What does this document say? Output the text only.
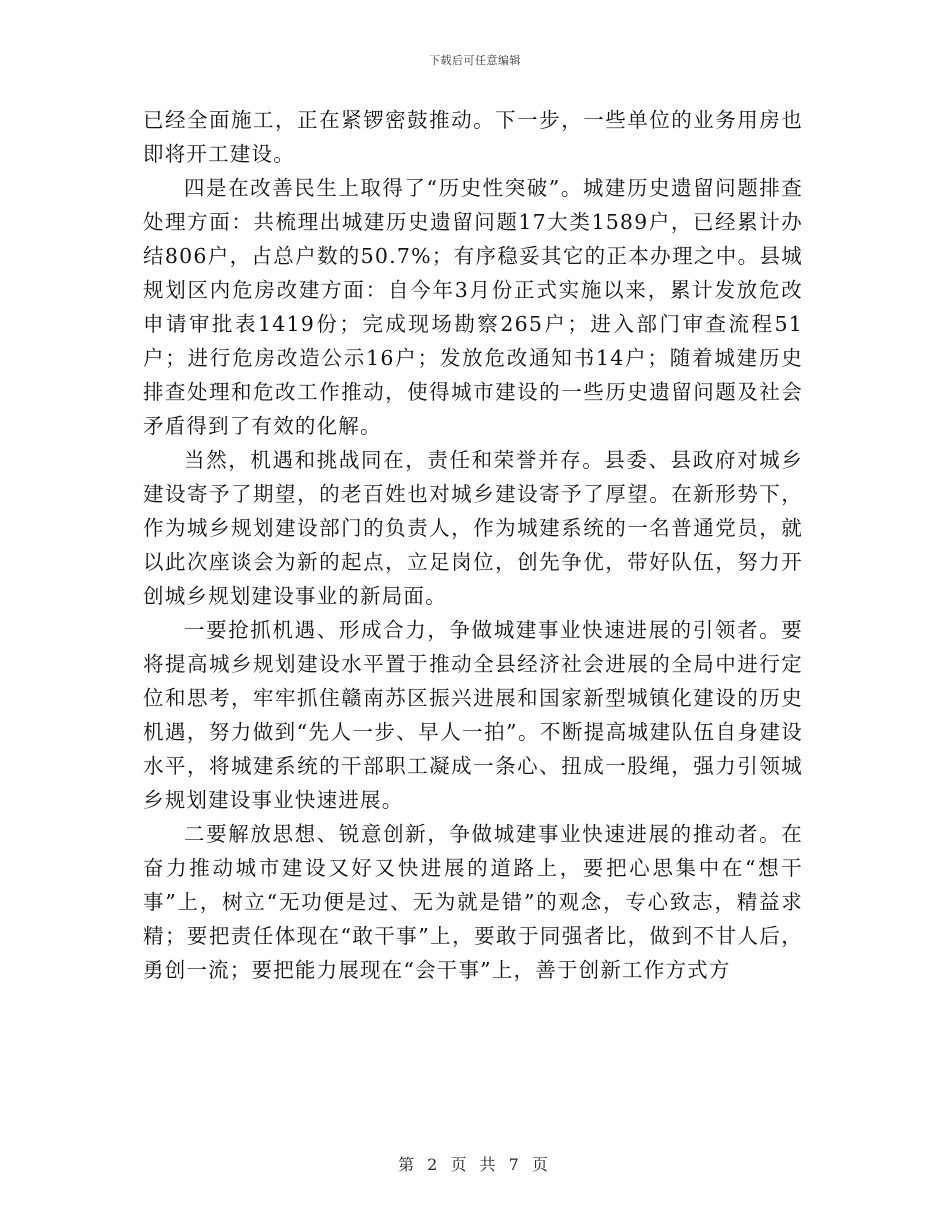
下载后可任意编辑

已经全面施工，正在紧锣密鼓推动。下一步，一些单位的业务用房也即将开工建设。

四是在改善民生上取得了“历史性突破”。城建历史遗留问题排查处理方面：共梳理出城建历史遗留问题17大类1589户，已经累计办结806户，占总户数的50.7%；有序稳妥其它的正本办理之中。县城规划区内危房改建方面：自今年3月份正式实施以来，累计发放危改申请审批表1419份；完成现场勘察265户；进入部门审查流程51户；进行危房改造公示16户；发放危改通知书14户；随着城建历史排查处理和危改工作推动，使得城市建设的一些历史遗留问题及社会矛盾得到了有效的化解。

当然，机遇和挑战同在，责任和荣誉并存。县委、县政府对城乡建设寄予了期望，的老百姓也对城乡建设寄予了厚望。在新形势下，作为城乡规划建设部门的负责人，作为城建系统的一名普通党员，就以此次座谈会为新的起点，立足岗位，创先争优，带好队伍，努力开创城乡规划建设事业的新局面。

一要抢抓机遇、形成合力，争做城建事业快速进展的引领者。要将提高城乡规划建设水平置于推动全县经济社会进展的全局中进行定位和思考，牢牢抓住赣南苏区振兴进展和国家新型城镇化建设的历史机遇，努力做到“先人一步、早人一拍”。不断提高城建队伍自身建设水平，将城建系统的干部职工凝成一条心、扭成一股绳，强力引领城乡规划建设事业快速进展。

二要解放思想、锐意创新，争做城建事业快速进展的推动者。在奋力推动城市建设又好又快进展的道路上，要把心思集中在“想干事”上，树立“无功便是过、无为就是错”的观念，专心致志，精益求精；要把责任体现在“敢干事”上，要敢于同强者比，做到不甘人后，勇创一流；要把能力展现在“会干事”上，善于创新工作方式方

第 2 页 共 7 页
